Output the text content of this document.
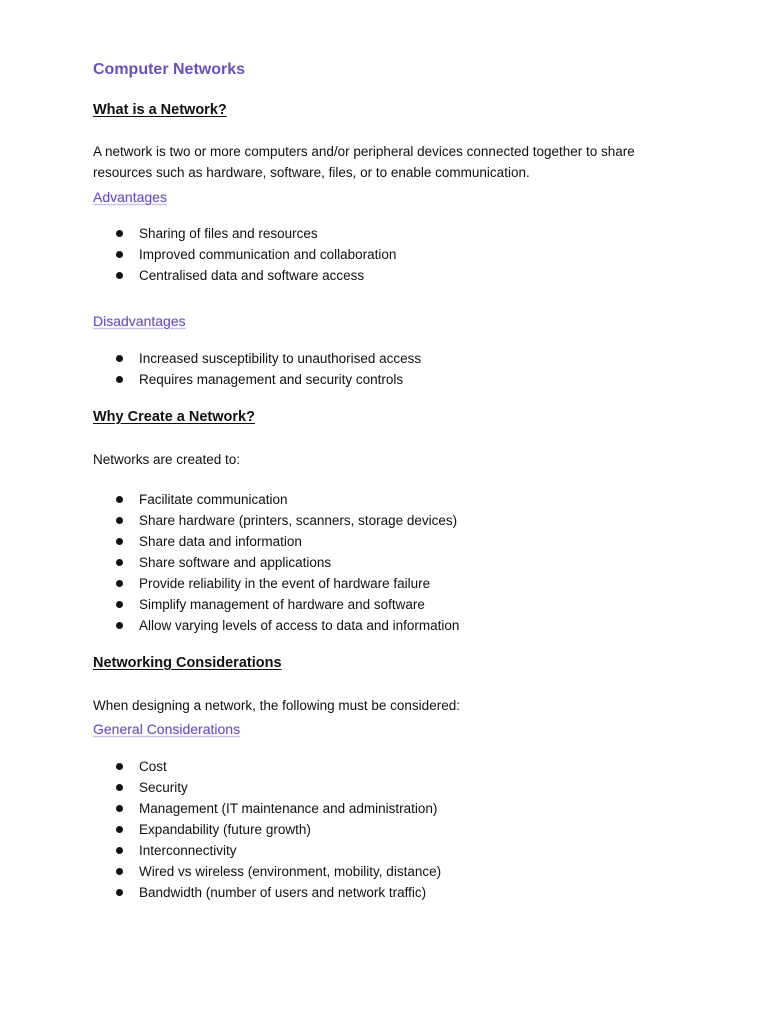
Computer Networks
What is a Network?
A network is two or more computers and/or peripheral devices connected together to share resources such as hardware, software, files, or to enable communication.
Advantages
Sharing of files and resources
Improved communication and collaboration
Centralised data and software access
Disadvantages
Increased susceptibility to unauthorised access
Requires management and security controls
Why Create a Network?
Networks are created to:
Facilitate communication
Share hardware (printers, scanners, storage devices)
Share data and information
Share software and applications
Provide reliability in the event of hardware failure
Simplify management of hardware and software
Allow varying levels of access to data and information
Networking Considerations
When designing a network, the following must be considered:
General Considerations
Cost
Security
Management (IT maintenance and administration)
Expandability (future growth)
Interconnectivity
Wired vs wireless (environment, mobility, distance)
Bandwidth (number of users and network traffic)
